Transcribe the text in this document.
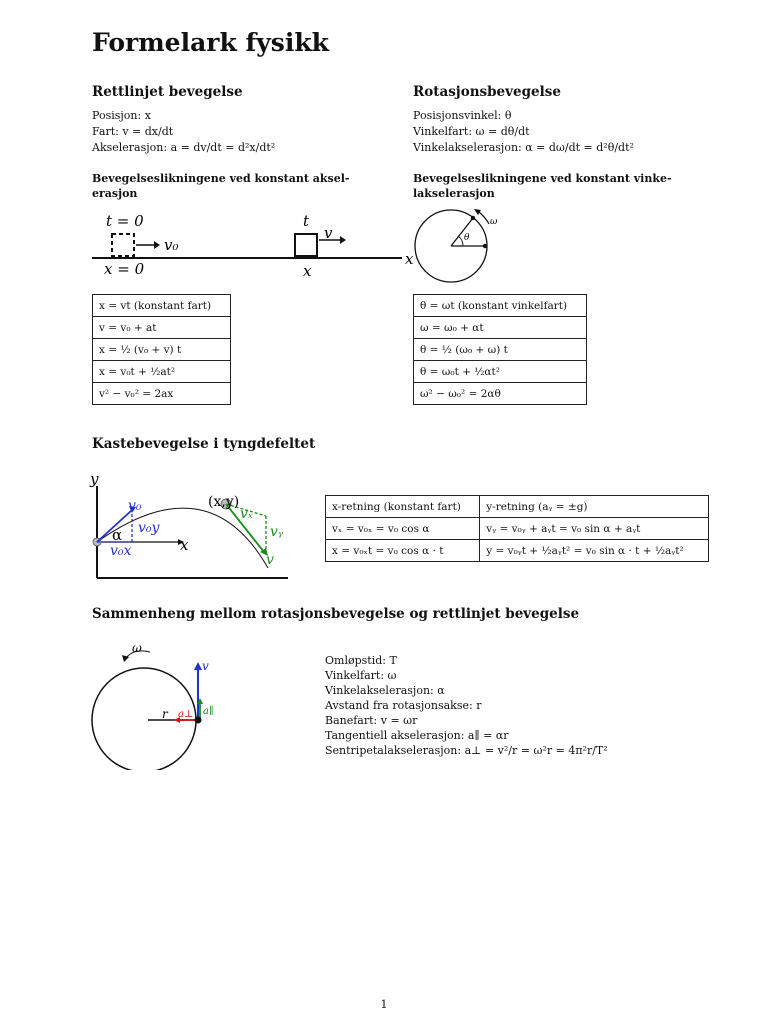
Formelark fysikk
Rettlinjet bevegelse
Posisjon: x
Fart: v = dx/dt
Akselerasjon: a = dv/dt = d²x/dt²
Bevegelseslikningene ved konstant aksel-erasjon
t = 0
v₀
x = 0
t
v
x
x = vt (konstant fart)
v = v₀ + at
x = ½ (v₀ + v) t
x = v₀t + ½at²
v² − v₀² = 2ax
Rotasjonsbevegelse
Posisjonsvinkel: θ
Vinkelfart: ω = dθ/dt
Vinkelakselerasjon: α = dω/dt = d²θ/dt²
Bevegelseslikningene ved konstant vinke-lakselerasjon
ω
θ
x
θ = ωt (konstant vinkelfart)
ω = ω₀ + αt
θ = ½ (ω₀ + ω) t
θ = ω₀t + ½αt²
ω² − ω₀² = 2αθ
Kastebevegelse i tyngdefeltet
y
x
v₀
v₀y
α
v₀x
(x,y)
vₓ
vᵧ
v
x-retning (konstant fart)	y-retning (aᵧ = ±g)
vₓ = v₀ₓ = v₀ cos α	vᵧ = v₀ᵧ + aᵧt = v₀ sin α + aᵧt
x = v₀ₓt = v₀ cos α · t	y = v₀ᵧt + ½aᵧt² = v₀ sin α · t + ½aᵧt²
Sammenheng mellom rotasjonsbevegelse og rettlinjet bevegelse
ω
v
r a⊥ a∥
Omløpstid: T
Vinkelfart: ω
Vinkelakselerasjon: α
Avstand fra rotasjonsakse: r
Banefart: v = ωr
Tangentiell akselerasjon: a∥ = αr
Sentripetalakselerasjon: a⊥ = v²/r = ω²r = 4π²r/T²
1
